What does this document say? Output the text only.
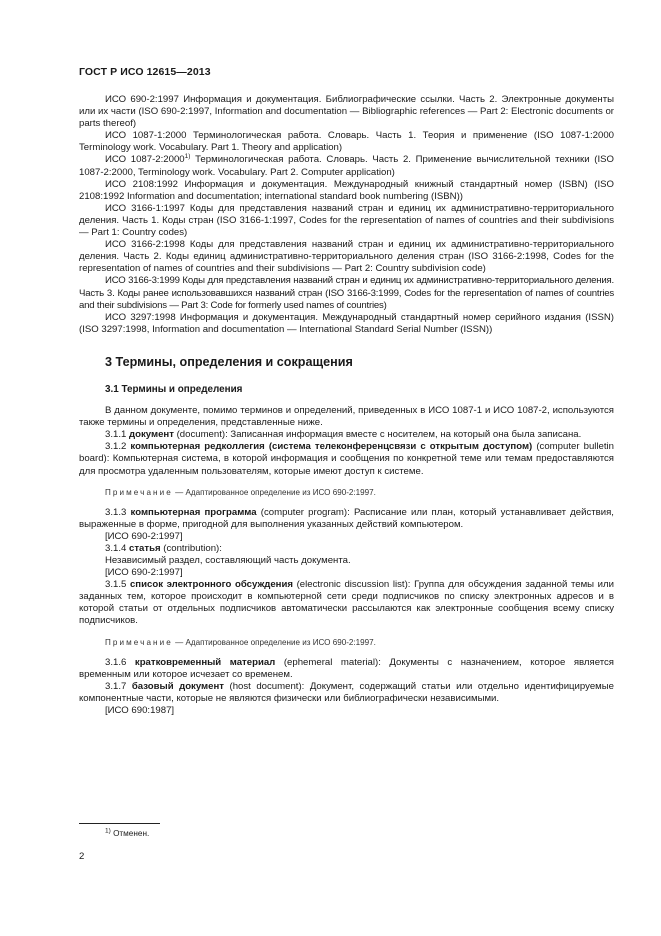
ГОСТ Р ИСО 12615—2013

ИСО 690-2:1997 Информация и документация. Библиографические ссылки. Часть 2. Электронные документы или их части (ISO 690-2:1997, Information and documentation — Bibliographic references — Part 2: Electronic documents or parts thereof)

ИСО 1087-1:2000 Терминологическая работа. Словарь. Часть 1. Теория и применение (ISO 1087-1:2000 Terminology work. Vocabulary. Part 1. Theory and application)

ИСО 1087-2:2000$^{1)}$ Терминологическая работа. Словарь. Часть 2. Применение вычислительной техники (ISO 1087-2:2000, Terminology work. Vocabulary. Part 2. Computer application)

ИСО 2108:1992 Информация и документация. Международный книжный стандартный номер (ISBN) (ISO 2108:1992 Information and documentation; international standard book numbering (ISBN))

ИСО 3166-1:1997 Коды для представления названий стран и единиц их административно-территориального деления. Часть 1. Коды стран (ISO 3166-1:1997, Codes for the representation of names of countries and their subdivisions — Part 1: Country codes)

ИСО 3166-2:1998 Коды для представления названий стран и единиц их административно-территориального деления. Часть 2. Коды единиц административно-территориального деления стран (ISO 3166-2:1998, Codes for the representation of names of countries and their subdivisions — Part 2: Country subdivision code)

ИСО 3166-3:1999 Коды для представления названий стран и единиц их административно-территориального деления. Часть 3. Коды ранее использовавшихся названий стран (ISO 3166-3:1999, Codes for the representation of names of countries and their subdivisions — Part 3: Code for formerly used names of countries)

ИСО 3297:1998 Информация и документация. Международный стандартный номер серийного издания (ISSN) (ISO 3297:1998, Information and documentation — International Standard Serial Number (ISSN))

3 Термины, определения и сокращения
3.1 Термины и определения

В данном документе, помимо терминов и определений, приведенных в ИСО 1087-1 и ИСО 1087-2, используются также термины и определения, представленные ниже.

3.1.1 документ (document): Записанная информация вместе с носителем, на который она была записана.

3.1.2 компьютерная редколлегия (система телеконференцсвязи с открытым доступом) (computer bulletin board): Компьютерная система, в которой информация и сообщения по конкретной теме или темам предоставляются для просмотра удаленным пользователям, которые имеют доступ к системе.

Примечание — Адаптированное определение из ИСО 690-2:1997.

3.1.3 компьютерная программа (computer program): Расписание или план, который устанавливает действия, выраженные в форме, пригодной для выполнения указанных действий компьютером.

[ИСО 690-2:1997]

3.1.4 статья (contribution):

Независимый раздел, составляющий часть документа.

[ИСО 690-2:1997]

3.1.5 список электронного обсуждения (electronic discussion list): Группа для обсуждения заданной темы или заданных тем, которое происходит в компьютерной сети среди подписчиков по списку электронных адресов и в которой статьи от отдельных подписчиков автоматически рассылаются как электронные сообщения всему списку подписчиков.

Примечание — Адаптированное определение из ИСО 690-2:1997.

3.1.6 кратковременный материал (ephemeral material): Документы с назначением, которое является временным или которое исчезает со временем.

3.1.7 базовый документ (host document): Документ, содержащий статьи или отдельно идентифицируемые компонентные части, которые не являются физически или библиографически независимыми.

[ИСО 690:1987]

$^{1)}$ Отменен.
2
